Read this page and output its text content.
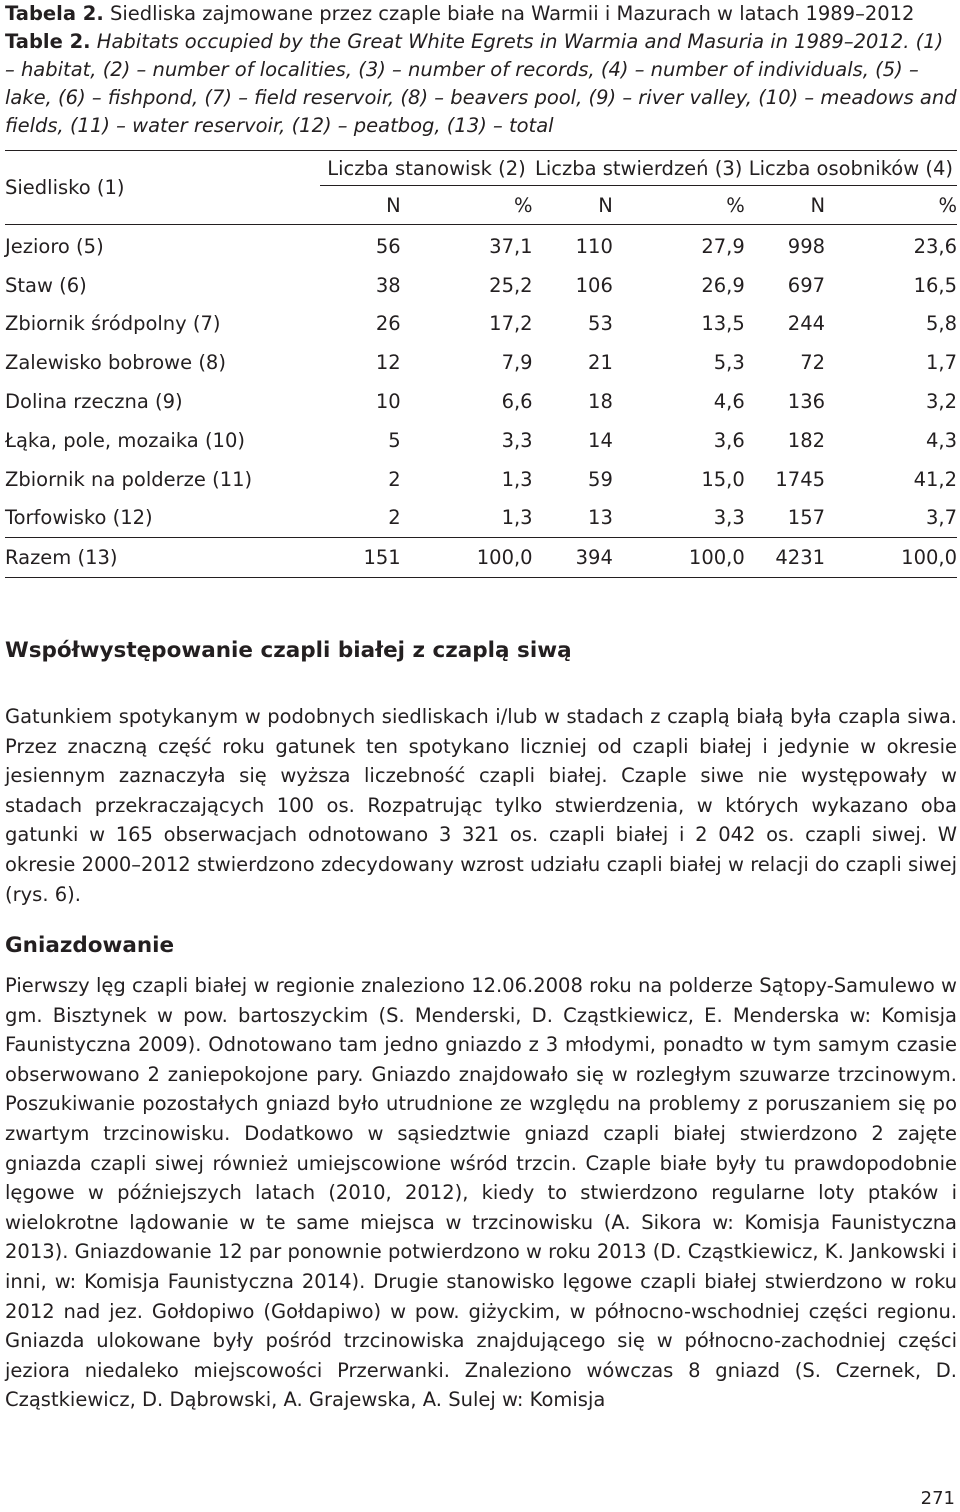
Tabela 2. Siedliska zajmowane przez czaple białe na Warmii i Mazurach w latach 1989–2012
Table 2. Habitats occupied by the Great White Egrets in Warmia and Masuria in 1989–2012. (1) – habitat, (2) – number of localities, (3) – number of records, (4) – number of individuals, (5) – lake, (6) – fishpond, (7) – field reservoir, (8) – beavers pool, (9) – river valley, (10) – meadows and fields, (11) – water reservoir, (12) – peatbog, (13) – total
Siedlisko (1)	Liczba stanowisk (2)		Liczba stwierdzeń (3)		Liczba osobników (4)	
	N	%	N	%	N	%
Jezioro (5)	56	37,1	110	27,9	998	23,6
Staw (6)	38	25,2	106	26,9	697	16,5
Zbiornik śródpolny (7)	26	17,2	53	13,5	244	5,8
Zalewisko bobrowe (8)	12	7,9	21	5,3	72	1,7
Dolina rzeczna (9)	10	6,6	18	4,6	136	3,2
Łąka, pole, mozaika (10)	5	3,3	14	3,6	182	4,3
Zbiornik na polderze (11)	2	1,3	59	15,0	1745	41,2
Torfowisko (12)	2	1,3	13	3,3	157	3,7
Razem (13)	151	100,0	394	100,0	4231	100,0
Współwystępowanie czapli białej z czaplą siwą

Gatunkiem spotykanym w podobnych siedliskach i/lub w stadach z czaplą białą była czapla siwa. Przez znaczną część roku gatunek ten spotykano liczniej od czapli białej i jedynie w okresie jesiennym zaznaczyła się wyższa liczebność czapli białej. Czaple siwe nie występowały w stadach przekraczających 100 os. Rozpatrując tylko stwierdzenia, w których wykazano oba gatunki w 165 obserwacjach odnotowano 3 321 os. czapli białej i 2 042 os. czapli siwej. W okresie 2000–2012 stwierdzono zdecydowany wzrost udziału czapli białej w relacji do czapli siwej (rys. 6).

Gniazdowanie

Pierwszy lęg czapli białej w regionie znaleziono 12.06.2008 roku na polderze Sątopy-Samulewo w gm. Bisztynek w pow. bartoszyckim (S. Menderski, D. Cząstkiewicz, E. Menderska w: Komisja Faunistyczna 2009). Odnotowano tam jedno gniazdo z 3 młodymi, ponadto w tym samym czasie obserwowano 2 zaniepokojone pary. Gniazdo znajdowało się w rozległym szuwarze trzcinowym. Poszukiwanie pozostałych gniazd było utrudnione ze względu na problemy z poruszaniem się po zwartym trzcinowisku. Dodatkowo w sąsiedztwie gniazd czapli białej stwierdzono 2 zajęte gniazda czapli siwej również umiejscowione wśród trzcin. Czaple białe były tu prawdopodobnie lęgowe w późniejszych latach (2010, 2012), kiedy to stwierdzono regularne loty ptaków i wielokrotne lądowanie w te same miejsca w trzcinowisku (A. Sikora w: Komisja Faunistyczna 2013). Gniazdowanie 12 par ponownie potwierdzono w roku 2013 (D. Cząstkiewicz, K. Jankowski i inni, w: Komisja Faunistyczna 2014). Drugie stanowisko lęgowe czapli białej stwierdzono w roku 2012 nad jez. Gołdopiwo (Gołdapiwo) w pow. giżyckim, w północno-wschodniej części regionu. Gniazda ulokowane były pośród trzcinowiska znajdującego się w północno-zachodniej części jeziora niedaleko miejscowości Przerwanki. Znaleziono wówczas 8 gniazd (S. Czernek, D. Cząstkiewicz, D. Dąbrowski, A. Grajewska, A. Sulej w: Komisja

271
